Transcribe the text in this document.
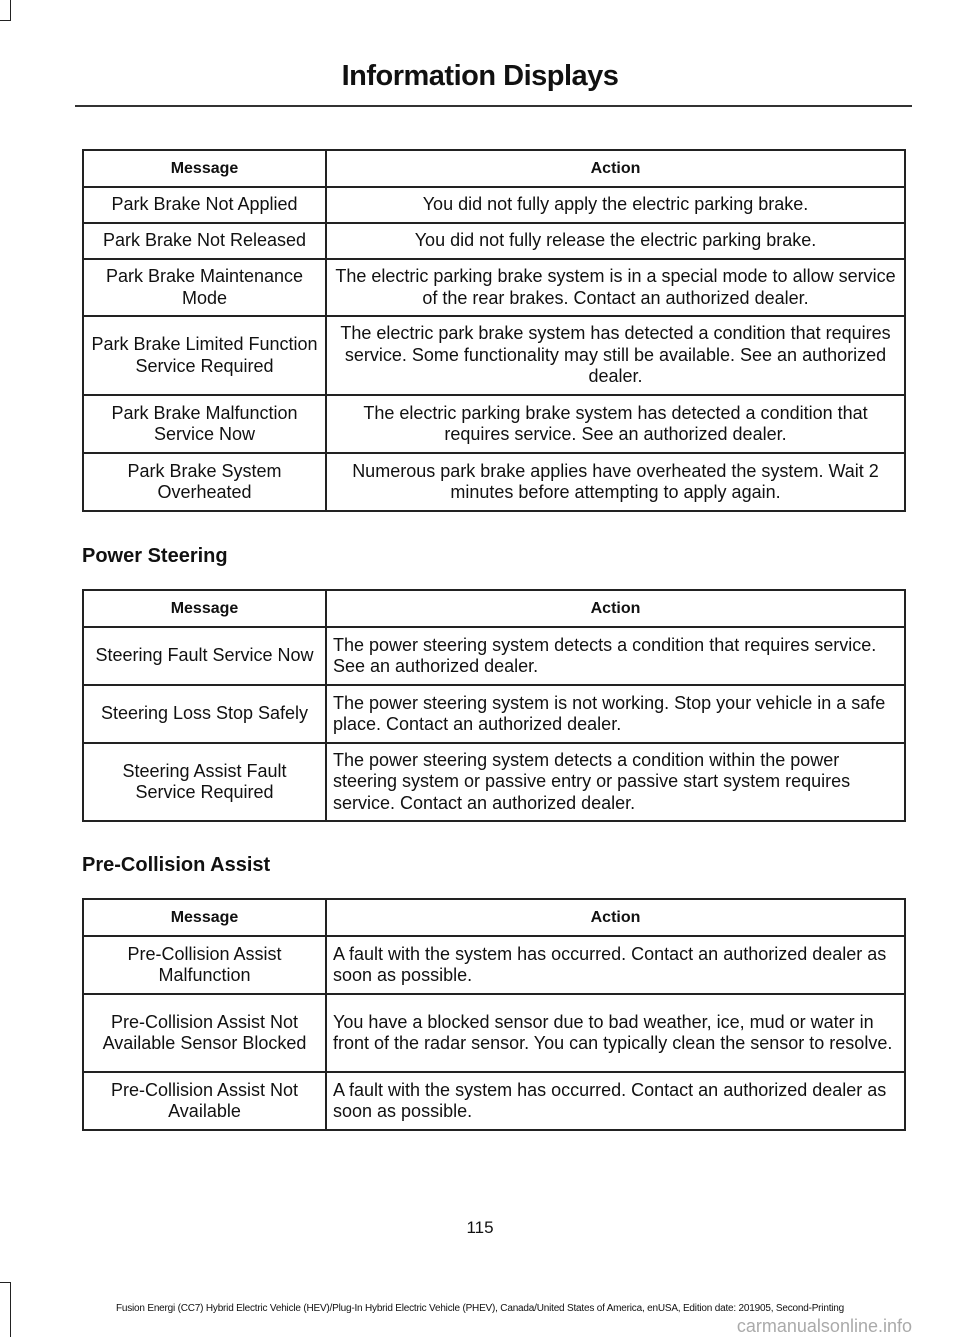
Information Displays
Message	Action
Park Brake Not Applied	You did not fully apply the electric parking brake.
Park Brake Not Released	You did not fully release the electric parking brake.
Park Brake Maintenance Mode	The electric parking brake system is in a special mode to allow service of the rear brakes. Contact an authorized dealer.
Park Brake Limited Function Service Required	The electric park brake system has detected a condition that requires service. Some functionality may still be available. See an authorized dealer.
Park Brake Malfunction Service Now	The electric parking brake system has detected a condition that requires service. See an authorized dealer.
Park Brake System Overheated	Numerous park brake applies have overheated the system. Wait 2 minutes before attempting to apply again.
Power Steering
Message	Action
Steering Fault Service Now	The power steering system detects a condition that requires service. See an authorized dealer.
Steering Loss Stop Safely	The power steering system is not working. Stop your vehicle in a safe place. Contact an authorized dealer.
Steering Assist Fault Service Required	The power steering system detects a condition within the power steering system or passive entry or passive start system requires service. Contact an authorized dealer.
Pre-Collision Assist
Message	Action
Pre-Collision Assist Malfunction	A fault with the system has occurred. Contact an authorized dealer as soon as possible.
Pre-Collision Assist Not Available Sensor Blocked	You have a blocked sensor due to bad weather, ice, mud or water in front of the radar sensor. You can typically clean the sensor to resolve.
Pre-Collision Assist Not Available	A fault with the system has occurred. Contact an authorized dealer as soon as possible.
115
Fusion Energi (CC7) Hybrid Electric Vehicle (HEV)/Plug-In Hybrid Electric Vehicle (PHEV), Canada/United States of America, enUSA, Edition date: 201905, Second-Printing
carmanualsonline.info
